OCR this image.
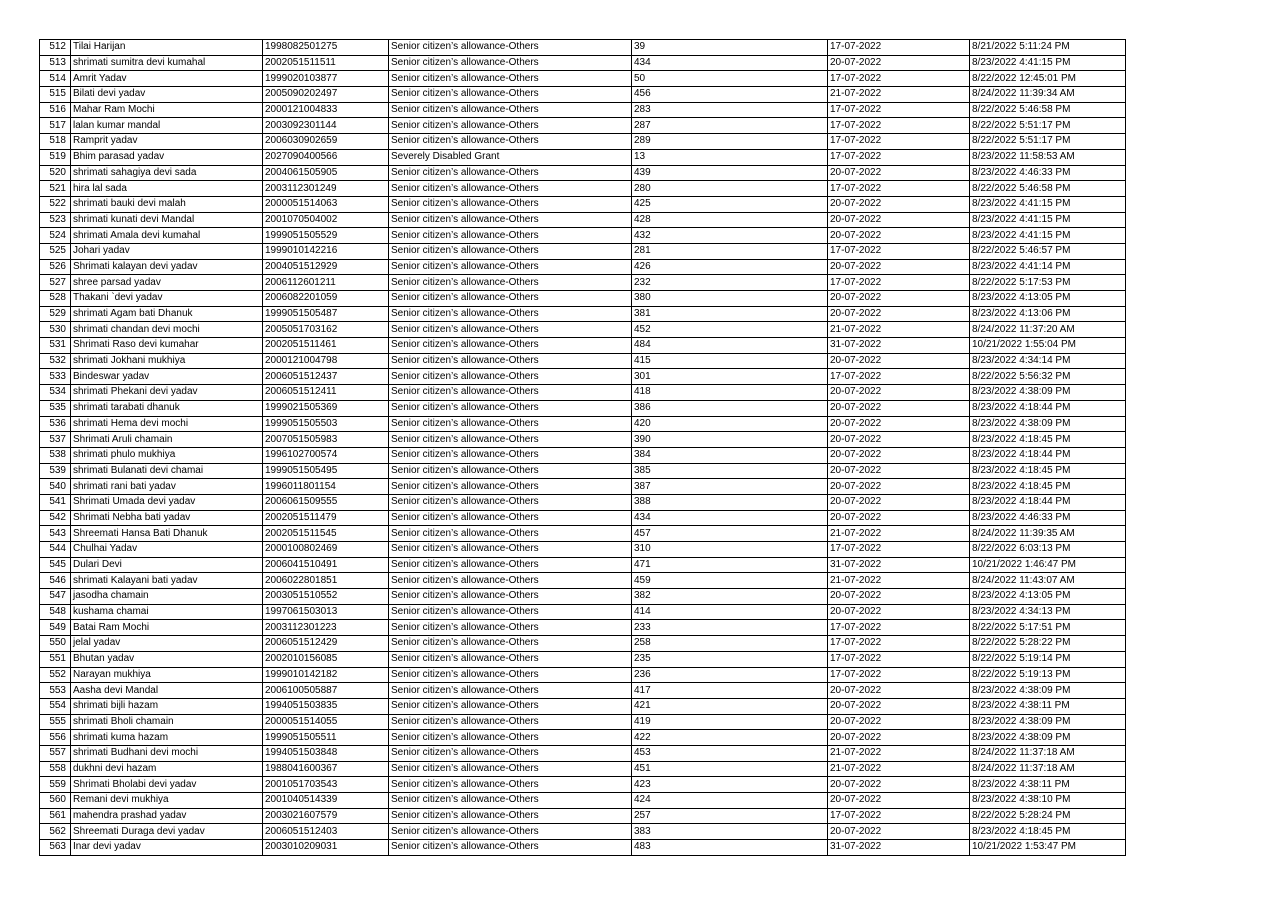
512	Tilai Harijan	1998082501275	Senior citizen’s allowance-Others	39	17-07-2022	8/21/2022 5:11:24 PM
513	shrimati sumitra devi kumahal	2002051511511	Senior citizen’s allowance-Others	434	20-07-2022	8/23/2022 4:41:15 PM
514	Amrit Yadav	1999020103877	Senior citizen’s allowance-Others	50	17-07-2022	8/22/2022 12:45:01 PM
515	Bilati devi yadav	2005090202497	Senior citizen’s allowance-Others	456	21-07-2022	8/24/2022 11:39:34 AM
516	Mahar Ram Mochi	2000121004833	Senior citizen’s allowance-Others	283	17-07-2022	8/22/2022 5:46:58 PM
517	lalan kumar mandal	2003092301144	Senior citizen’s allowance-Others	287	17-07-2022	8/22/2022 5:51:17 PM
518	Ramprit yadav	2006030902659	Senior citizen’s allowance-Others	289	17-07-2022	8/22/2022 5:51:17 PM
519	Bhim parasad yadav	2027090400566	Severely Disabled Grant	13	17-07-2022	8/23/2022 11:58:53 AM
520	shrimati sahagiya devi sada	2004061505905	Senior citizen’s allowance-Others	439	20-07-2022	8/23/2022 4:46:33 PM
521	hira lal sada	2003112301249	Senior citizen’s allowance-Others	280	17-07-2022	8/22/2022 5:46:58 PM
522	shrimati bauki devi malah	2000051514063	Senior citizen’s allowance-Others	425	20-07-2022	8/23/2022 4:41:15 PM
523	shrimati kunati devi Mandal	2001070504002	Senior citizen’s allowance-Others	428	20-07-2022	8/23/2022 4:41:15 PM
524	shrimati Amala devi kumahal	1999051505529	Senior citizen’s allowance-Others	432	20-07-2022	8/23/2022 4:41:15 PM
525	Johari yadav	1999010142216	Senior citizen’s allowance-Others	281	17-07-2022	8/22/2022 5:46:57 PM
526	Shrimati kalayan devi yadav	2004051512929	Senior citizen’s allowance-Others	426	20-07-2022	8/23/2022 4:41:14 PM
527	shree parsad yadav	2006112601211	Senior citizen’s allowance-Others	232	17-07-2022	8/22/2022 5:17:53 PM
528	Thakani `devi yadav	2006082201059	Senior citizen’s allowance-Others	380	20-07-2022	8/23/2022 4:13:05 PM
529	shrimati Agam bati Dhanuk	1999051505487	Senior citizen’s allowance-Others	381	20-07-2022	8/23/2022 4:13:06 PM
530	shrimati chandan devi mochi	2005051703162	Senior citizen’s allowance-Others	452	21-07-2022	8/24/2022 11:37:20 AM
531	Shrimati Raso devi kumahar	2002051511461	Senior citizen’s allowance-Others	484	31-07-2022	10/21/2022 1:55:04 PM
532	shrimati Jokhani mukhiya	2000121004798	Senior citizen’s allowance-Others	415	20-07-2022	8/23/2022 4:34:14 PM
533	Bindeswar yadav	2006051512437	Senior citizen’s allowance-Others	301	17-07-2022	8/22/2022 5:56:32 PM
534	shrimati Phekani devi yadav	2006051512411	Senior citizen’s allowance-Others	418	20-07-2022	8/23/2022 4:38:09 PM
535	shrimati tarabati dhanuk	1999021505369	Senior citizen’s allowance-Others	386	20-07-2022	8/23/2022 4:18:44 PM
536	shrimati Hema devi mochi	1999051505503	Senior citizen’s allowance-Others	420	20-07-2022	8/23/2022 4:38:09 PM
537	Shrimati Aruli chamain	2007051505983	Senior citizen’s allowance-Others	390	20-07-2022	8/23/2022 4:18:45 PM
538	shrimati phulo mukhiya	1996102700574	Senior citizen’s allowance-Others	384	20-07-2022	8/23/2022 4:18:44 PM
539	shrimati Bulanati devi chamai	1999051505495	Senior citizen’s allowance-Others	385	20-07-2022	8/23/2022 4:18:45 PM
540	shrimati rani bati yadav	1996011801154	Senior citizen’s allowance-Others	387	20-07-2022	8/23/2022 4:18:45 PM
541	Shrimati Umada devi yadav	2006061509555	Senior citizen’s allowance-Others	388	20-07-2022	8/23/2022 4:18:44 PM
542	Shrimati Nebha bati yadav	2002051511479	Senior citizen’s allowance-Others	434	20-07-2022	8/23/2022 4:46:33 PM
543	Shreemati Hansa Bati Dhanuk	2002051511545	Senior citizen’s allowance-Others	457	21-07-2022	8/24/2022 11:39:35 AM
544	Chulhai Yadav	2000100802469	Senior citizen’s allowance-Others	310	17-07-2022	8/22/2022 6:03:13 PM
545	Dulari Devi	2006041510491	Senior citizen’s allowance-Others	471	31-07-2022	10/21/2022 1:46:47 PM
546	shrimati Kalayani bati yadav	2006022801851	Senior citizen’s allowance-Others	459	21-07-2022	8/24/2022 11:43:07 AM
547	jasodha chamain	2003051510552	Senior citizen’s allowance-Others	382	20-07-2022	8/23/2022 4:13:05 PM
548	kushama chamai	1997061503013	Senior citizen’s allowance-Others	414	20-07-2022	8/23/2022 4:34:13 PM
549	Batai Ram Mochi	2003112301223	Senior citizen’s allowance-Others	233	17-07-2022	8/22/2022 5:17:51 PM
550	jelal yadav	2006051512429	Senior citizen’s allowance-Others	258	17-07-2022	8/22/2022 5:28:22 PM
551	Bhutan yadav	2002010156085	Senior citizen’s allowance-Others	235	17-07-2022	8/22/2022 5:19:14 PM
552	Narayan mukhiya	1999010142182	Senior citizen’s allowance-Others	236	17-07-2022	8/22/2022 5:19:13 PM
553	Aasha devi Mandal	2006100505887	Senior citizen’s allowance-Others	417	20-07-2022	8/23/2022 4:38:09 PM
554	shrimati bijli hazam	1994051503835	Senior citizen’s allowance-Others	421	20-07-2022	8/23/2022 4:38:11 PM
555	shrimati Bholi chamain	2000051514055	Senior citizen’s allowance-Others	419	20-07-2022	8/23/2022 4:38:09 PM
556	shrimati kuma hazam	1999051505511	Senior citizen’s allowance-Others	422	20-07-2022	8/23/2022 4:38:09 PM
557	shrimati Budhani devi mochi	1994051503848	Senior citizen’s allowance-Others	453	21-07-2022	8/24/2022 11:37:18 AM
558	dukhni devi hazam	1988041600367	Senior citizen’s allowance-Others	451	21-07-2022	8/24/2022 11:37:18 AM
559	Shrimati Bholabi devi yadav	2001051703543	Senior citizen’s allowance-Others	423	20-07-2022	8/23/2022 4:38:11 PM
560	Remani devi mukhiya	2001040514339	Senior citizen’s allowance-Others	424	20-07-2022	8/23/2022 4:38:10 PM
561	mahendra prashad yadav	2003021607579	Senior citizen’s allowance-Others	257	17-07-2022	8/22/2022 5:28:24 PM
562	Shreemati Duraga devi yadav	2006051512403	Senior citizen’s allowance-Others	383	20-07-2022	8/23/2022 4:18:45 PM
563	Inar devi yadav	2003010209031	Senior citizen’s allowance-Others	483	31-07-2022	10/21/2022 1:53:47 PM
